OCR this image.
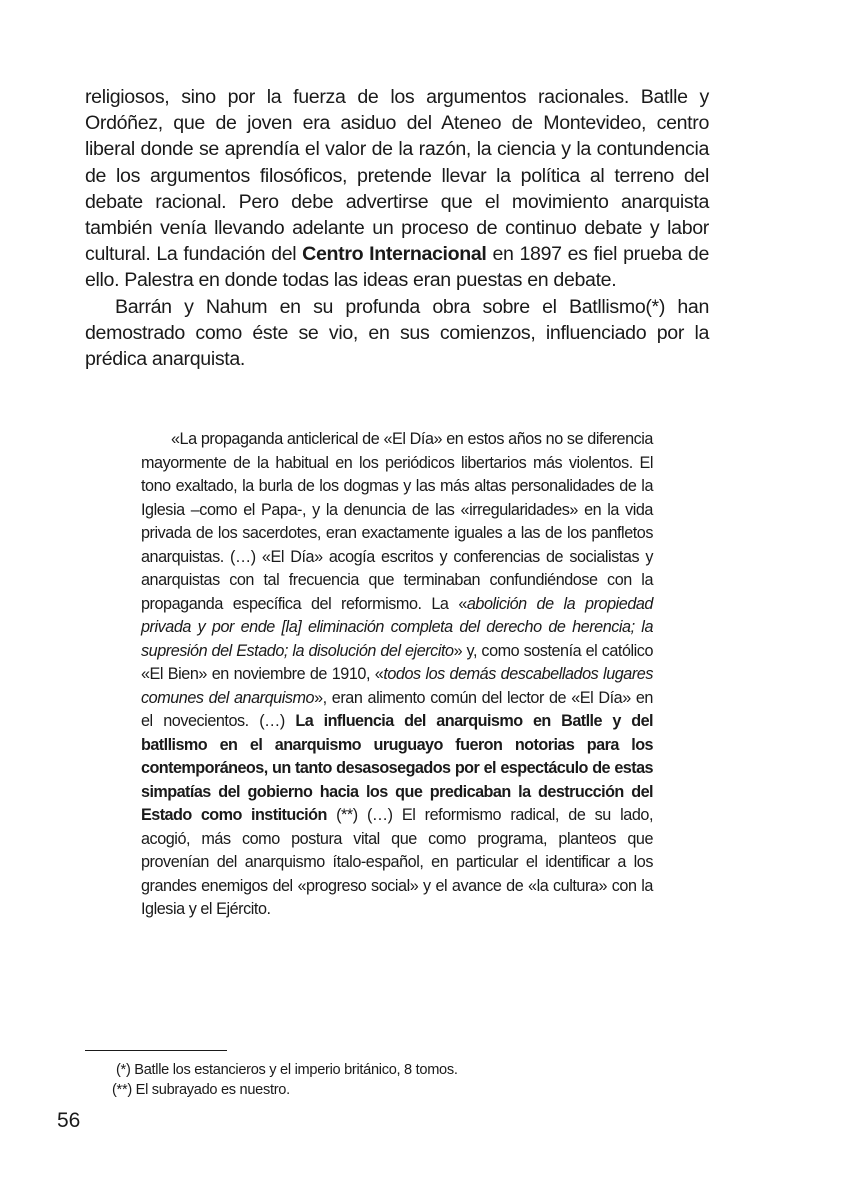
religiosos, sino por la fuerza de los argumentos racionales. Batlle y Ordóñez, que de joven era asiduo del Ateneo de Montevideo, centro liberal donde se aprendía el valor de la razón, la ciencia y la contundencia de los argumentos filosóficos, pretende llevar la política al terreno del debate racional. Pero debe advertirse que el movimiento anarquista también venía llevando adelante un proceso de continuo debate y labor cultural. La fundación del Centro Internacional en 1897 es fiel prueba de ello. Palestra en donde todas las ideas eran puestas en debate.

Barrán y Nahum en su profunda obra sobre el Batllismo(*) han demostrado como éste se vio, en sus comienzos, influenciado por la prédica anarquista.

«La propaganda anticlerical de «El Día» en estos años no se diferencia mayormente de la habitual en los periódicos libertarios más violentos. El tono exaltado, la burla de los dogmas y las más altas personalidades de la Iglesia –como el Papa-, y la denuncia de las «irregularidades» en la vida privada de los sacerdotes, eran exactamente iguales a las de los panfletos anarquistas. (…) «El Día» acogía escritos y conferencias de socialistas y anarquistas con tal frecuencia que terminaban confundiéndose con la propaganda específica del reformismo. La «abolición de la propiedad privada y por ende [la] eliminación completa del derecho de herencia; la supresión del Estado; la disolución del ejercito» y, como sostenía el católico «El Bien» en noviembre de 1910, «todos los demás descabellados lugares comunes del anarquismo», eran alimento común del lector de «El Día» en el novecientos. (…) La influencia del anarquismo en Batlle y del batllismo en el anarquismo uruguayo fueron notorias para los contemporáneos, un tanto desasosegados por el espectáculo de estas simpatías del gobierno hacia los que predicaban la destrucción del Estado como institución (**) (…) El reformismo radical, de su lado, acogió, más como postura vital que como programa, planteos que provenían del anarquismo ítalo-español, en particular el identificar a los grandes enemigos del «progreso social» y el avance de «la cultura» con la Iglesia y el Ejército.

(*) Batlle los estancieros y el imperio británico, 8 tomos.
(**) El subrayado es nuestro.
56
